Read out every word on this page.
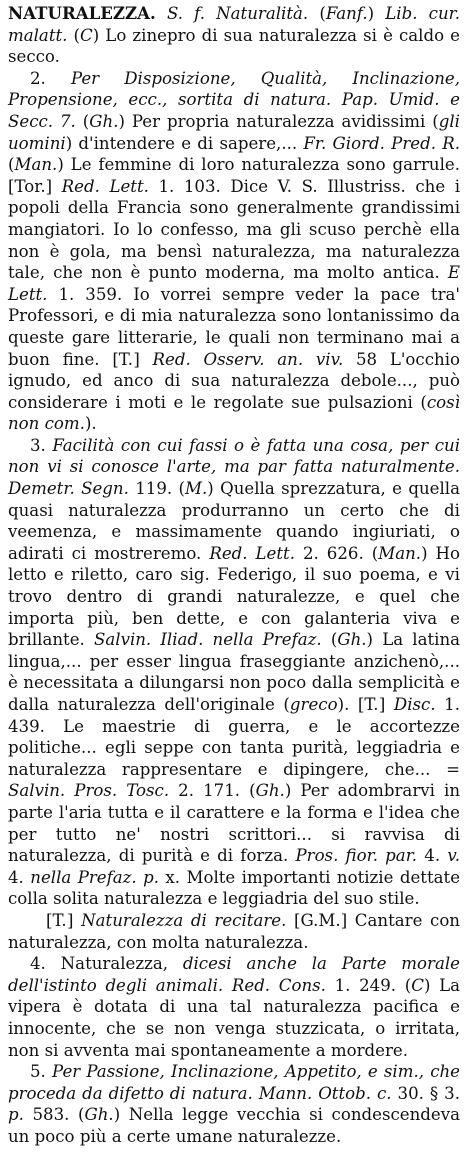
NATURALEZZA. S. f. Naturalità. (Fanf.) Lib. cur. malatt. (C) Lo zinepro di sua naturalezza si è caldo e secco.

2. Per Disposizione, Qualità, Inclinazione, Propensione, ecc., sortita di natura. Pap. Umid. e Secc. 7. (Gh.) Per propria naturalezza avidissimi (gli uomini) d'intendere e di sapere,... Fr. Giord. Pred. R. (Man.) Le femmine di loro naturalezza sono garrule. [Tor.] Red. Lett. 1. 103. Dice V. S. Illustriss. che i popoli della Francia sono generalmente grandissimi mangiatori. Io lo confesso, ma gli scuso perchè ella non è gola, ma bensì naturalezza, ma naturalezza tale, che non è punto moderna, ma molto antica. E Lett. 1. 359. Io vorrei sempre veder la pace tra' Professori, e di mia naturalezza sono lontanissimo da queste gare litterarie, le quali non terminano mai a buon fine. [T.] Red. Osserv. an. viv. 58 L'occhio ignudo, ed anco di sua naturalezza debole..., può considerare i moti e le regolate sue pulsazioni (così non com.).

3. Facilità con cui fassi o è fatta una cosa, per cui non vi si conosce l'arte, ma par fatta naturalmente. Demetr. Segn. 119. (M.) Quella sprezzatura, e quella quasi naturalezza produrranno un certo che di veemenza, e massimamente quando ingiuriati, o adirati ci mostreremo. Red. Lett. 2. 626. (Man.) Ho letto e riletto, caro sig. Federigo, il suo poema, e vi trovo dentro di grandi naturalezze, e quel che importa più, ben dette, e con galanteria viva e brillante. Salvin. Iliad. nella Prefaz. (Gh.) La latina lingua,... per esser lingua fraseggiante anzichenò,... è necessitata a dilungarsi non poco dalla semplicità e dalla naturalezza dell'originale (greco). [T.] Disc. 1. 439. Le maestrie di guerra, e le accortezze politiche... egli seppe con tanta purità, leggiadria e naturalezza rappresentare e dipingere, che... = Salvin. Pros. Tosc. 2. 171. (Gh.) Per adombrarvi in parte l'aria tutta e il carattere e la forma e l'idea che per tutto ne' nostri scrittori... si ravvisa di naturalezza, di purità e di forza. Pros. fior. par. 4. v. 4. nella Prefaz. p. x. Molte importanti notizie dettate colla solita naturalezza e leggiadria del suo stile.

[T.] Naturalezza di recitare. [G.M.] Cantare con naturalezza, con molta naturalezza.

4. Naturalezza, dicesi anche la Parte morale dell'istinto degli animali. Red. Cons. 1. 249. (C) La vipera è dotata di una tal naturalezza pacifica e innocente, che se non venga stuzzicata, o irritata, non si avventa mai spontaneamente a mordere.

5. Per Passione, Inclinazione, Appetito, e sim., che proceda da difetto di natura. Mann. Ottob. c. 30. § 3. p. 583. (Gh.) Nella legge vecchia si condescendeva un poco più a certe umane naturalezze.
